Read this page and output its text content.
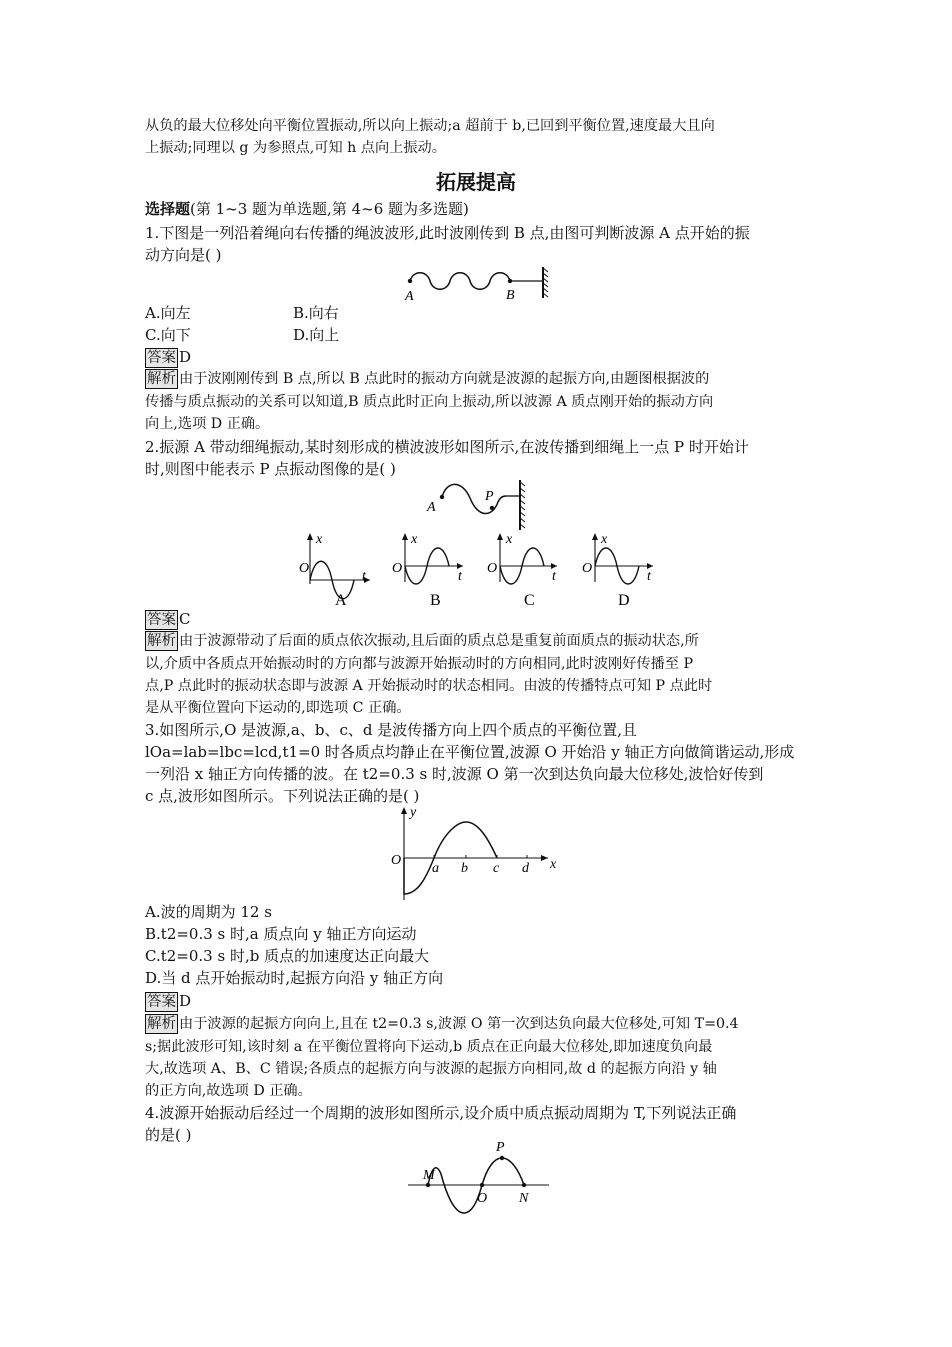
从负的最大位移处向平衡位置振动,所以向上振动;a 超前于 b,已回到平衡位置,速度最大且向
上振动;同理以 g 为参照点,可知 h 点向上振动。
拓展提高
选择题(第 1~3 题为单选题,第 4~6 题为多选题)
1.下图是一列沿着绳向右传播的绳波波形,此时波刚传到 B 点,由图可判断波源 A 点开始的振
动方向是( )
A	B
A.向左	B.向右
C.向下	D.向上
答案 D
解析 由于波刚刚传到 B 点,所以 B 点此时的振动方向就是波源的起振方向,由题图根据波的
传播与质点振动的关系可以知道,B 质点此时正向上振动,所以波源 A 质点刚开始的振动方向
向上,选项 D 正确。
2.振源 A 带动细绳振动,某时刻形成的横波波形如图所示,在波传播到细绳上一点 P 时开始计
时,则图中能表示 P 点振动图像的是( )
A
P
O
x
t
A
O
x
t
B
O
x
t
C
O
x
t
D
答案 C
解析 由于波源带动了后面的质点依次振动,且后面的质点总是重复前面质点的振动状态,所
以,介质中各质点开始振动时的方向都与波源开始振动时的方向相同,此时波刚好传播至 P
点,P 点此时的振动状态即与波源 A 开始振动时的状态相同。由波的传播特点可知 P 点此时
是从平衡位置向下运动的,即选项 C 正确。
3.如图所示,O 是波源,a、b、c、d 是波传播方向上四个质点的平衡位置,且
lOa=lab=lbc=lcd,t1=0 时各质点均静止在平衡位置,波源 O 开始沿 y 轴正方向做简谐运动,形成
一列沿 x 轴正方向传播的波。在 t2=0.3 s 时,波源 O 第一次到达负向最大位移处,波恰好传到
c 点,波形如图所示。下列说法正确的是( )
y
O
a b c d x
A.波的周期为 12 s
B.t2=0.3 s 时,a 质点向 y 轴正方向运动
C.t2=0.3 s 时,b 质点的加速度达正向最大
D.当 d 点开始振动时,起振方向沿 y 轴正方向
答案 D
解析 由于波源的起振方向向上,且在 t2=0.3 s,波源 O 第一次到达负向最大位移处,可知 T=0.4
s;据此波形可知,该时刻 a 在平衡位置将向下运动,b 质点在正向最大位移处,即加速度负向最
大,故选项 A、B、C 错误;各质点的起振方向与波源的起振方向相同,故 d 的起振方向沿 y 轴
的正方向,故选项 D 正确。
4.波源开始振动后经过一个周期的波形如图所示,设介质中质点振动周期为 T,下列说法正确
的是( )
M
O
P
N
